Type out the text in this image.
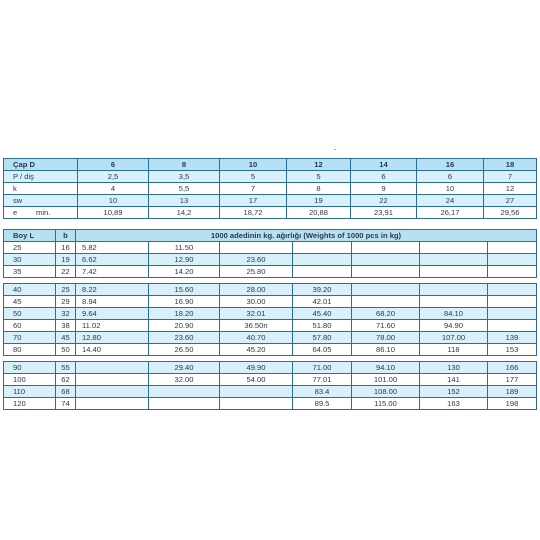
Çap D	6	8	10	12	14	16	18
P / diş	2,5	3,5	5	5	6	6	7
k	4	5,5	7	8	9	10	12
sw	10	13	17	19	22	24	27
e min.	10,89	14,2	18,72	20,88	23,91	26,17	29,56
Boy L	b	1000 adedinin kg. ağırlığı (Weights of 1000 pcs in kg)						
25	16	5.82	11.50					
30	19	6.62	12.90	23.60				
35	22	7.42	14.20	25.80				

40	25	8.22	15.60	28.00	39.20			
45	29	8.94	16.90	30.00	42.01			
50	32	9.64	18.20	32.01	45.40	68.20	84.10	
60	38	11.02	20.90	36.50n	51.80	71.60	94.90	
70	45	12.80	23.60	40.70	57.80	78.00	107.00	139
80	50	14.40	26.50	45.20	64.05	86.10	118	153

90	55		29.40	49.90	71.00	94.10	130	166
100	62		32.00	54.00	77.01	101.00	141	177
110	68				83.4	108.00	152	189
120	74				89.5	115.00	163	198
